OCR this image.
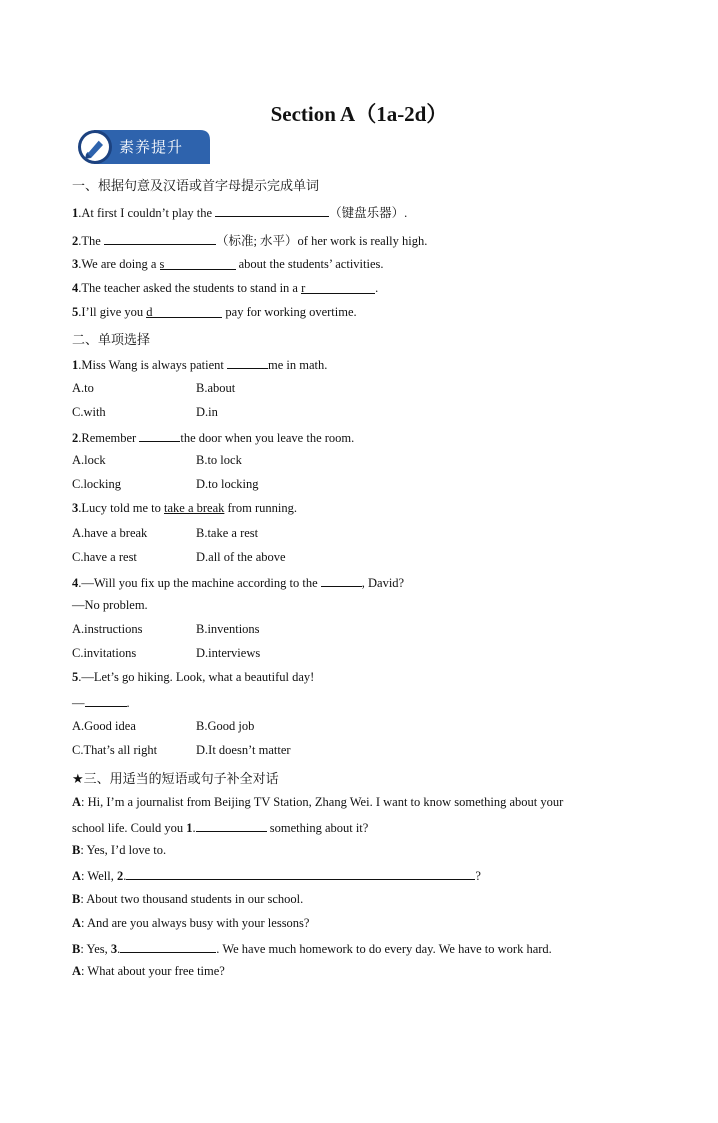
Section A（1a-2d）
素养提升
一、根据句意及汉语或首字母提示完成单词
1.At first I couldn’t play the	（键盘乐器）.
2.The	（标准; 水平）of her work is really high.
3.We are doing a s	about the students’ activities.
4.The teacher asked the students to stand in a r	.
5.I’ll give you d	pay for working overtime.
二、单项选择
1.Miss Wang is always patient	me in math.
A.to	B.about
C.with	D.in
2.Remember	the door when you leave the room.
A.lock	B.to lock
C.locking	D.to locking
3.Lucy told me to take a break from running.
A.have a break	B.take a rest
C.have a rest	D.all of the above
4.—Will you fix up the machine according to the	, David?
—No problem.
A.instructions	B.inventions
C.invitations	D.interviews
5.—Let’s go hiking. Look, what a beautiful day!
—	.
A.Good idea	B.Good job
C.That’s all right	D.It doesn’t matter
★三、用适当的短语或句子补全对话
A: Hi, I’m a journalist from Beijing TV Station, Zhang Wei. I want to know something about your
school life. Could you 1.	something about it?
B: Yes, I’d love to.
A: Well, 2.	?
B: About two thousand students in our school.
A: And are you always busy with your lessons?
B: Yes, 3.	. We have much homework to do every day. We have to work hard.
A: What about your free time?
